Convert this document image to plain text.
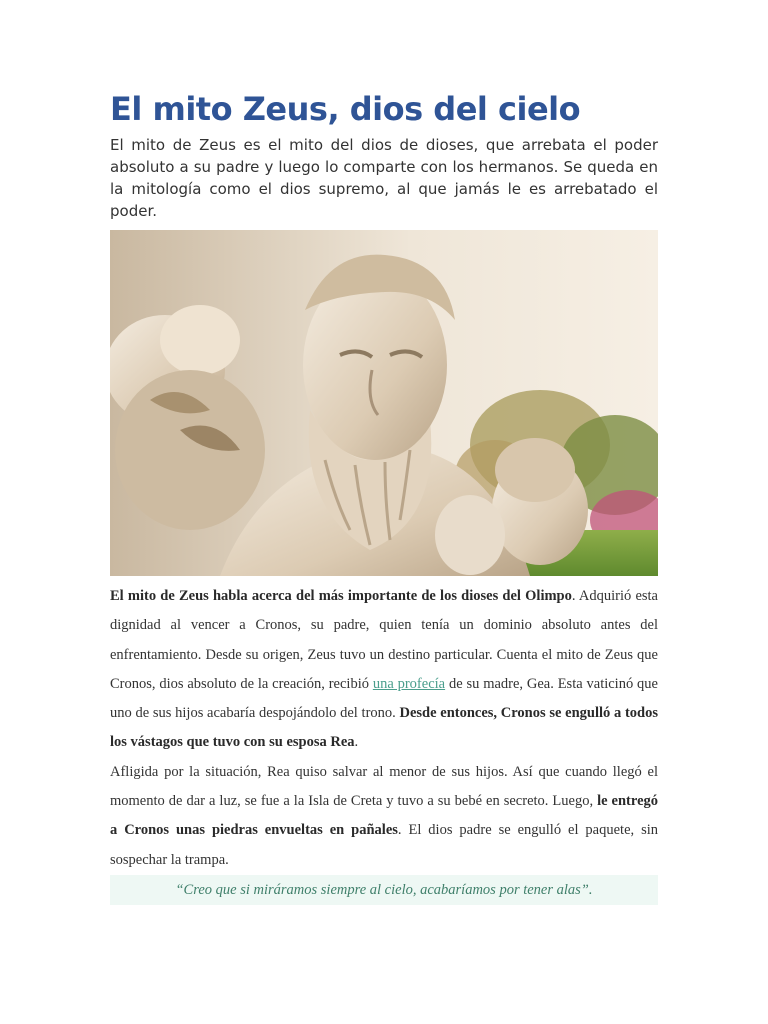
El mito Zeus, dios del cielo

El mito de Zeus es el mito del dios de dioses, que arrebata el poder absoluto a su padre y luego lo comparte con los hermanos. Se queda en la mitología como el dios supremo, al que jamás le es arrebatado el poder.

El mito de Zeus habla acerca del más importante de los dioses del Olimpo. Adquirió esta dignidad al vencer a Cronos, su padre, quien tenía un dominio absoluto antes del enfrentamiento. Desde su origen, Zeus tuvo un destino particular. Cuenta el mito de Zeus que Cronos, dios absoluto de la creación, recibió una profecía de su madre, Gea. Esta vaticinó que uno de sus hijos acabaría despojándolo del trono. Desde entonces, Cronos se engulló a todos los vástagos que tuvo con su esposa Rea.

Afligida por la situación, Rea quiso salvar al menor de sus hijos. Así que cuando llegó el momento de dar a luz, se fue a la Isla de Creta y tuvo a su bebé en secreto. Luego, le entregó a Cronos unas piedras envueltas en pañales. El dios padre se engulló el paquete, sin sospechar la trampa.

“Creo que si miráramos siempre al cielo, acabaríamos por tener alas”.
